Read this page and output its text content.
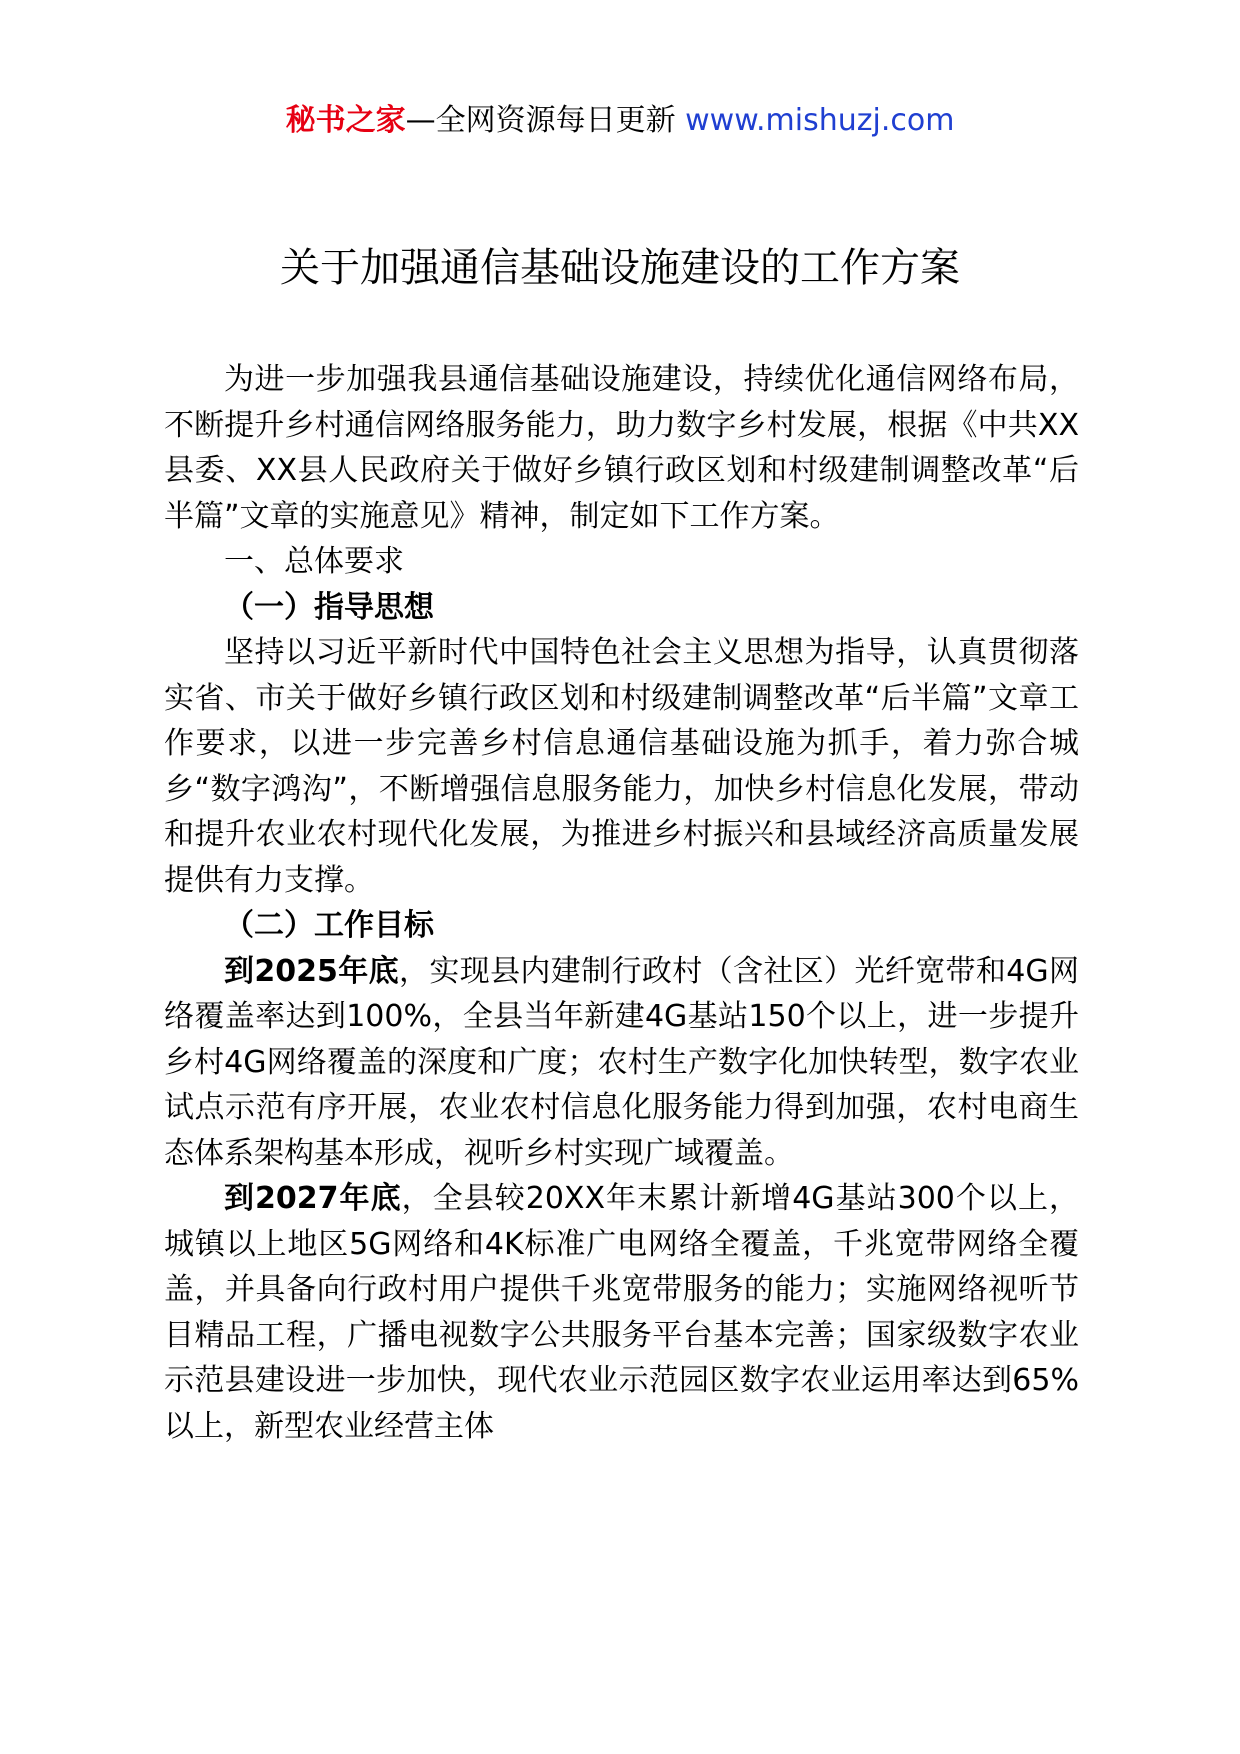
秘书之家—全网资源每日更新 www.mishuzj.com
关于加强通信基础设施建设的工作方案

为进一步加强我县通信基础设施建设，持续优化通信网络布局，不断提升乡村通信网络服务能力，助力数字乡村发展，根据《中共XX县委、XX县人民政府关于做好乡镇行政区划和村级建制调整改革“后半篇”文章的实施意见》精神，制定如下工作方案。

一、总体要求
（一）指导思想

坚持以习近平新时代中国特色社会主义思想为指导，认真贯彻落实省、市关于做好乡镇行政区划和村级建制调整改革“后半篇”文章工作要求，以进一步完善乡村信息通信基础设施为抓手，着力弥合城乡“数字鸿沟”，不断增强信息服务能力，加快乡村信息化发展，带动和提升农业农村现代化发展，为推进乡村振兴和县域经济高质量发展提供有力支撑。

（二）工作目标

到2025年底，实现县内建制行政村（含社区）光纤宽带和4G网络覆盖率达到100%，全县当年新建4G基站150个以上，进一步提升乡村4G网络覆盖的深度和广度；农村生产数字化加快转型，数字农业试点示范有序开展，农业农村信息化服务能力得到加强，农村电商生态体系架构基本形成，视听乡村实现广域覆盖。

到2027年底，全县较20XX年末累计新增4G基站300个以上，城镇以上地区5G网络和4K标准广电网络全覆盖，千兆宽带网络全覆盖，并具备向行政村用户提供千兆宽带服务的能力；实施网络视听节目精品工程，广播电视数字公共服务平台基本完善；国家级数字农业示范县建设进一步加快，现代农业示范园区数字农业运用率达到65%以上，新型农业经营主体
